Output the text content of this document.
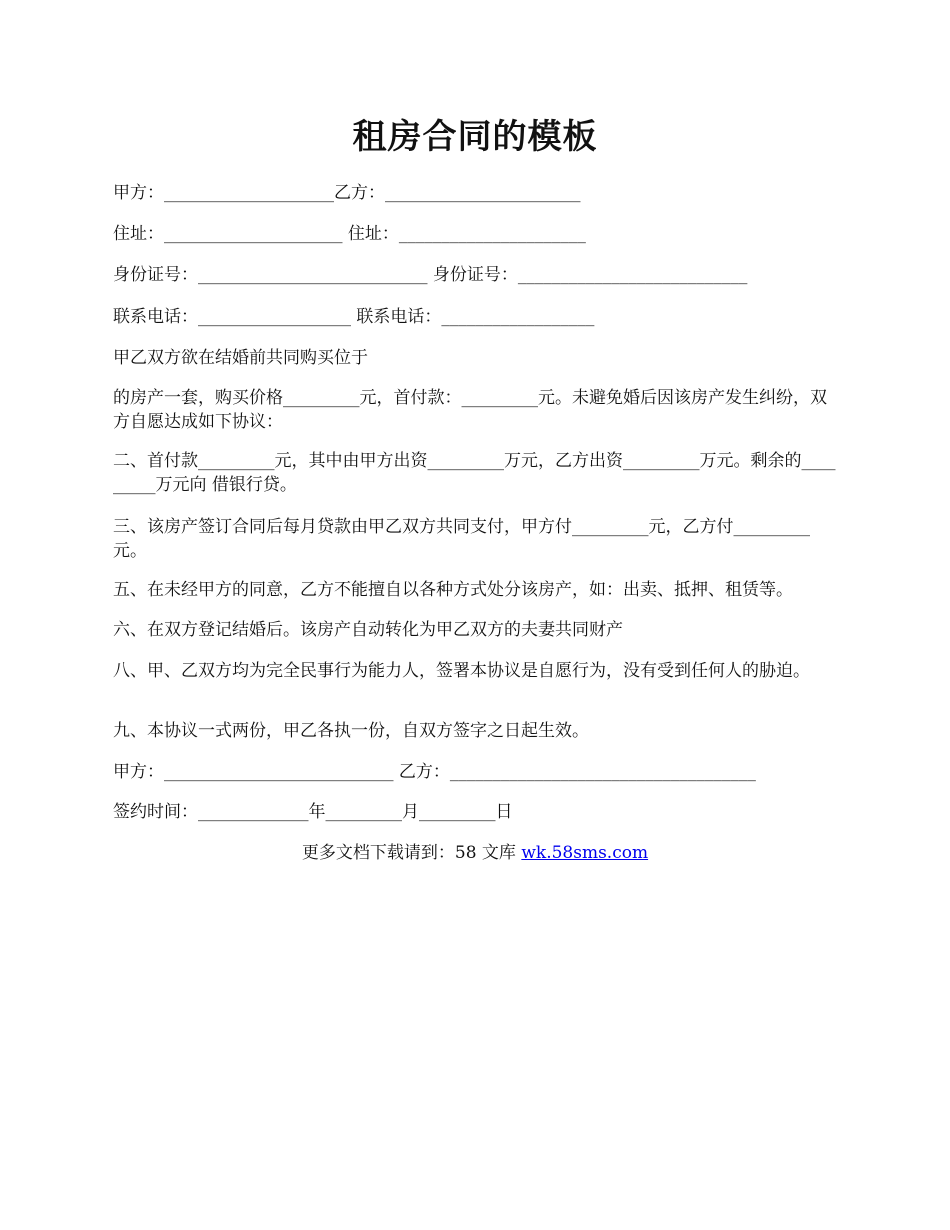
租房合同的模板
甲方：____________________乙方：_______________________
住址：_____________________ 住址：______________________
身份证号：___________________________ 身份证号：___________________________
联系电话：__________________ 联系电话：__________________
甲乙双方欲在结婚前共同购买位于
的房产一套，购买价格_________元，首付款：_________元。未避免婚后因该房产发生纠纷，双方自愿达成如下协议：
二、首付款_________元，其中由甲方出资_________万元，乙方出资_________万元。剩余的_________万元向 借银行贷。
三、该房产签订合同后每月贷款由甲乙双方共同支付，甲方付_________元，乙方付_________元。
五、在未经甲方的同意，乙方不能擅自以各种方式处分该房产，如：出卖、抵押、租赁等。
六、在双方登记结婚后。该房产自动转化为甲乙双方的夫妻共同财产
八、甲、乙双方均为完全民事行为能力人，签署本协议是自愿行为，没有受到任何人的胁迫。
九、本协议一式两份，甲乙各执一份，自双方签字之日起生效。
甲方：___________________________ 乙方：____________________________________
签约时间：_____________年_________月_________日
更多文档下载请到：58 文库 wk.58sms.com
